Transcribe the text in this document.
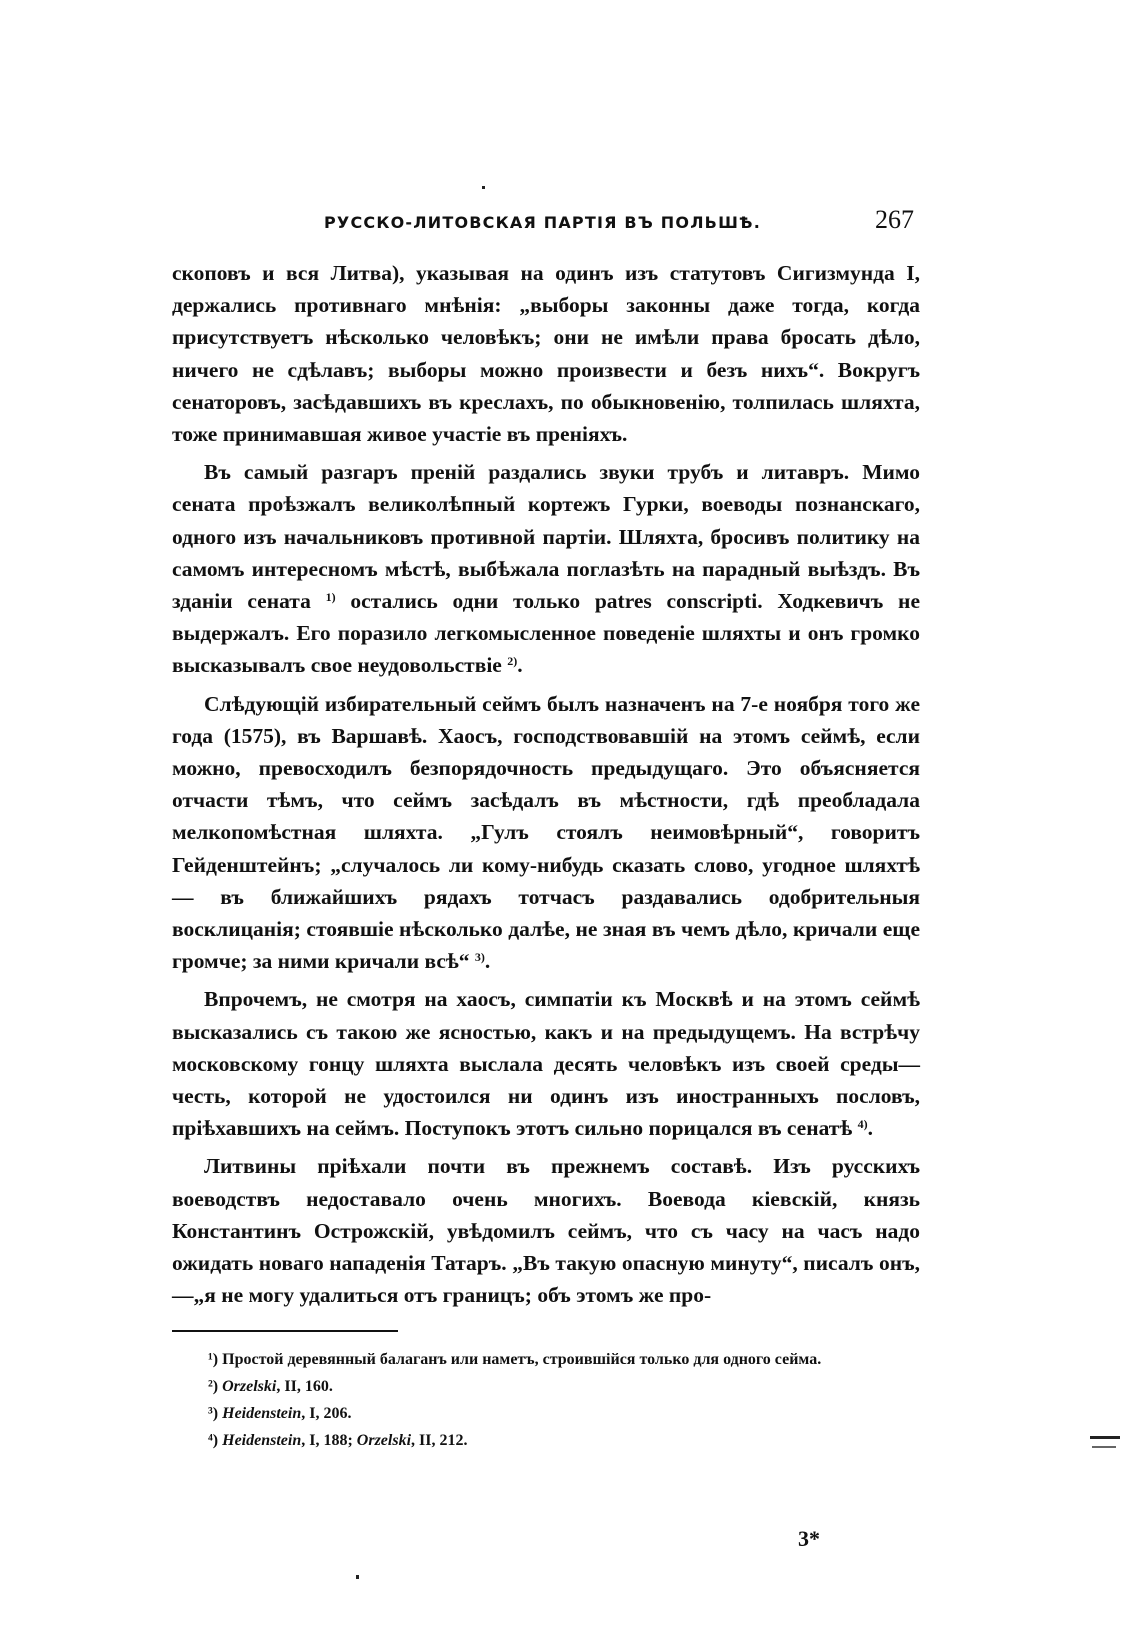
РУССКО-ЛИТОВСКАЯ ПАРТІЯ ВЪ ПОЛЬШѢ.	267

скоповъ и вся Литва), указывая на одинъ изъ статутовъ Сигизмунда I, держались противнаго мнѣнія: „выборы законны даже тогда, когда присутствуетъ нѣсколько человѣкъ; они не имѣли права бросать дѣло, ничего не сдѣлавъ; выборы можно произвести и безъ нихъ“. Вокругъ сенаторовъ, засѣдавшихъ въ креслахъ, по обыкновенію, толпилась шляхта, тоже принимавшая живое участіе въ преніяхъ.

Въ самый разгаръ преній раздались звуки трубъ и литавръ. Мимо сената проѣзжалъ великолѣпный кортежъ Гурки, воеводы познанскаго, одного изъ начальниковъ противной партіи. Шляхта, бросивъ политику на самомъ интересномъ мѣстѣ, выбѣжала поглазѣть на парадный выѣздъ. Въ зданіи сената $^{1)}$ остались одни только patres conscripti. Ходкевичъ не выдержалъ. Его поразило легкомысленное поведеніе шляхты и онъ громко высказывалъ свое неудовольствіе $^{2)}$.

Слѣдующій избирательный сеймъ былъ назначенъ на 7-е ноября того же года (1575), въ Варшавѣ. Хаосъ, господствовавшій на этомъ сеймѣ, если можно, превосходилъ безпорядочность предыдущаго. Это объясняется отчасти тѣмъ, что сеймъ засѣдалъ въ мѣстности, гдѣ преобладала мелкопомѣстная шляхта. „Гулъ стоялъ неимовѣрный“, говоритъ Гейденштейнъ; „случалось ли кому-нибудь сказать слово, угодное шляхтѣ — въ ближайшихъ рядахъ тотчасъ раздавались одобрительныя восклицанія; стоявшіе нѣсколько далѣе, не зная въ чемъ дѣло, кричали еще громче; за ними кричали всѣ“ $^{3)}$.

Впрочемъ, не смотря на хаосъ, симпатіи къ Москвѣ и на этомъ сеймѣ высказались съ такою же ясностью, какъ и на предыдущемъ. На встрѣчу московскому гонцу шляхта выслала десять человѣкъ изъ своей среды—честь, которой не удостоился ни одинъ изъ иностранныхъ пословъ, пріѣхавшихъ на сеймъ. Поступокъ этотъ сильно порицался въ сенатѣ $^{4)}$.

Литвины пріѣхали почти въ прежнемъ составѣ. Изъ русскихъ воеводствъ недоставало очень многихъ. Воевода кіевскій, князь Константинъ Острожскій, увѣдомилъ сеймъ, что съ часу на часъ надо ожидать новаго нападенія Татаръ. „Въ такую опасную минуту“, писалъ онъ,—„я не могу удалиться отъ границъ; объ этомъ же про-

¹) Простой деревянный балаганъ или наметъ, строившійся только для одного сейма.

²) Orzelski, II, 160.

³) Heidenstein, I, 206.

⁴) Heidenstein, I, 188; Orzelski, II, 212.

3*
